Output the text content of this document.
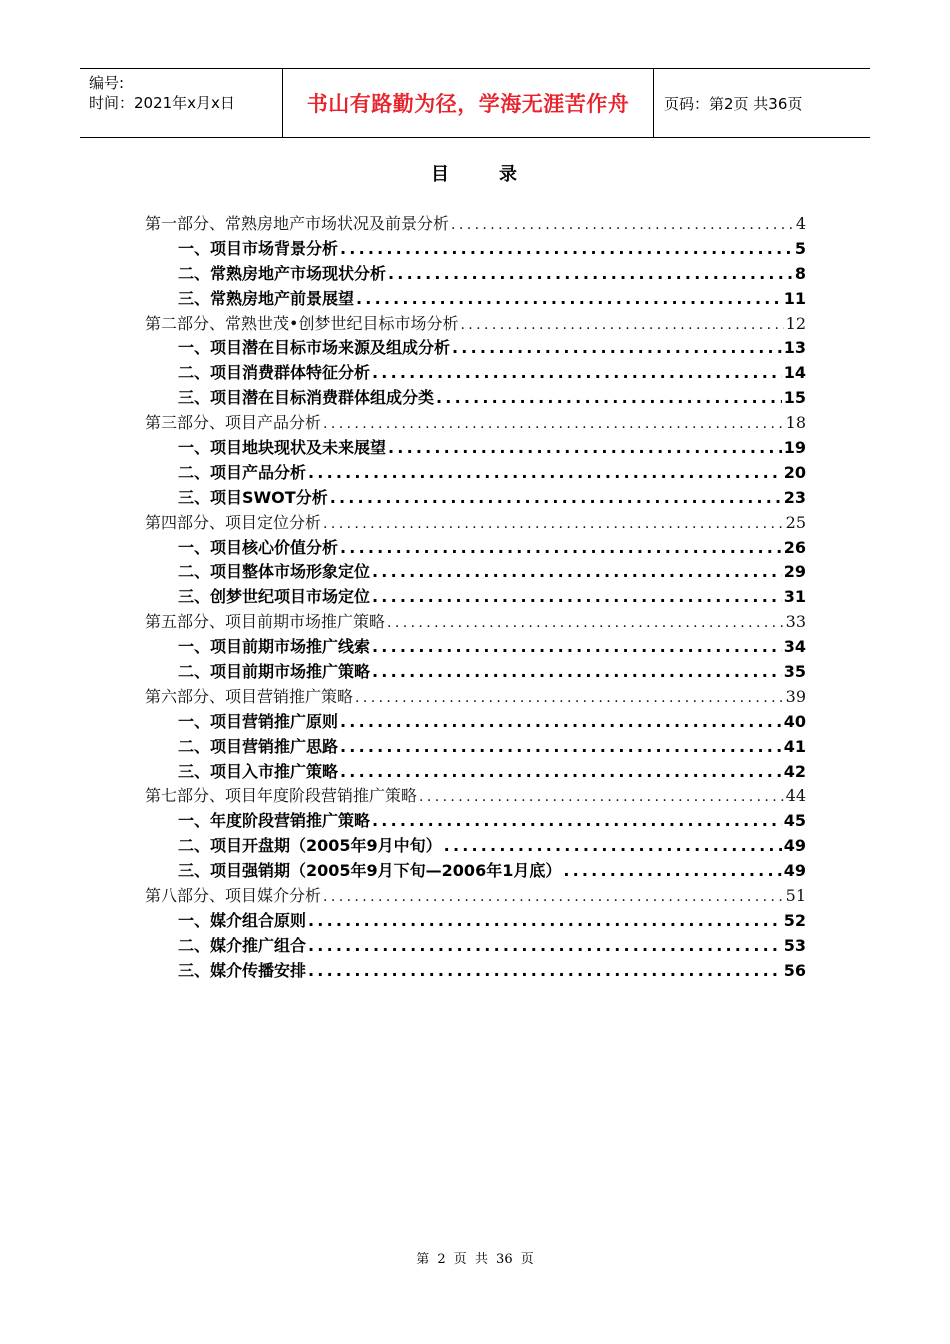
编号:
时间：2021年x月x日	书山有路勤为径，学海无涯苦作舟	页码：第2页 共36页
目	录
第一部分、常熟房地产市场状况及前景分析 .....	4
一、项目市场背景分析 .....	5
二、常熟房地产市场现状分析 .....	8
三、常熟房地产前景展望 .....	11
第二部分、常熟世茂•创梦世纪目标市场分析 .....	12
一、项目潜在目标市场来源及组成分析 .....	13
二、项目消费群体特征分析 .....	14
三、项目潜在目标消费群体组成分类 .....	15
第三部分、项目产品分析 .....	18
一、项目地块现状及未来展望 .....	19
二、项目产品分析 .....	20
三、项目SWOT分析 .....	23
第四部分、项目定位分析 .....	25
一、项目核心价值分析 .....	26
二、项目整体市场形象定位 .....	29
三、创梦世纪项目市场定位 .....	31
第五部分、项目前期市场推广策略 .....	33
一、项目前期市场推广线索 .....	34
二、项目前期市场推广策略 .....	35
第六部分、项目营销推广策略 .....	39
一、项目营销推广原则 .....	40
二、项目营销推广思路 .....	41
三、项目入市推广策略 .....	42
第七部分、项目年度阶段营销推广策略 .....	44
一、年度阶段营销推广策略 .....	45
二、项目开盘期（2005年9月中旬） .....	49
三、项目强销期（2005年9月下旬—2006年1月底） .....	49
第八部分、项目媒介分析 .....	51
一、媒介组合原则 .....	52
二、媒介推广组合 .....	53
三、媒介传播安排 .....	56
第 2 页 共 36 页
